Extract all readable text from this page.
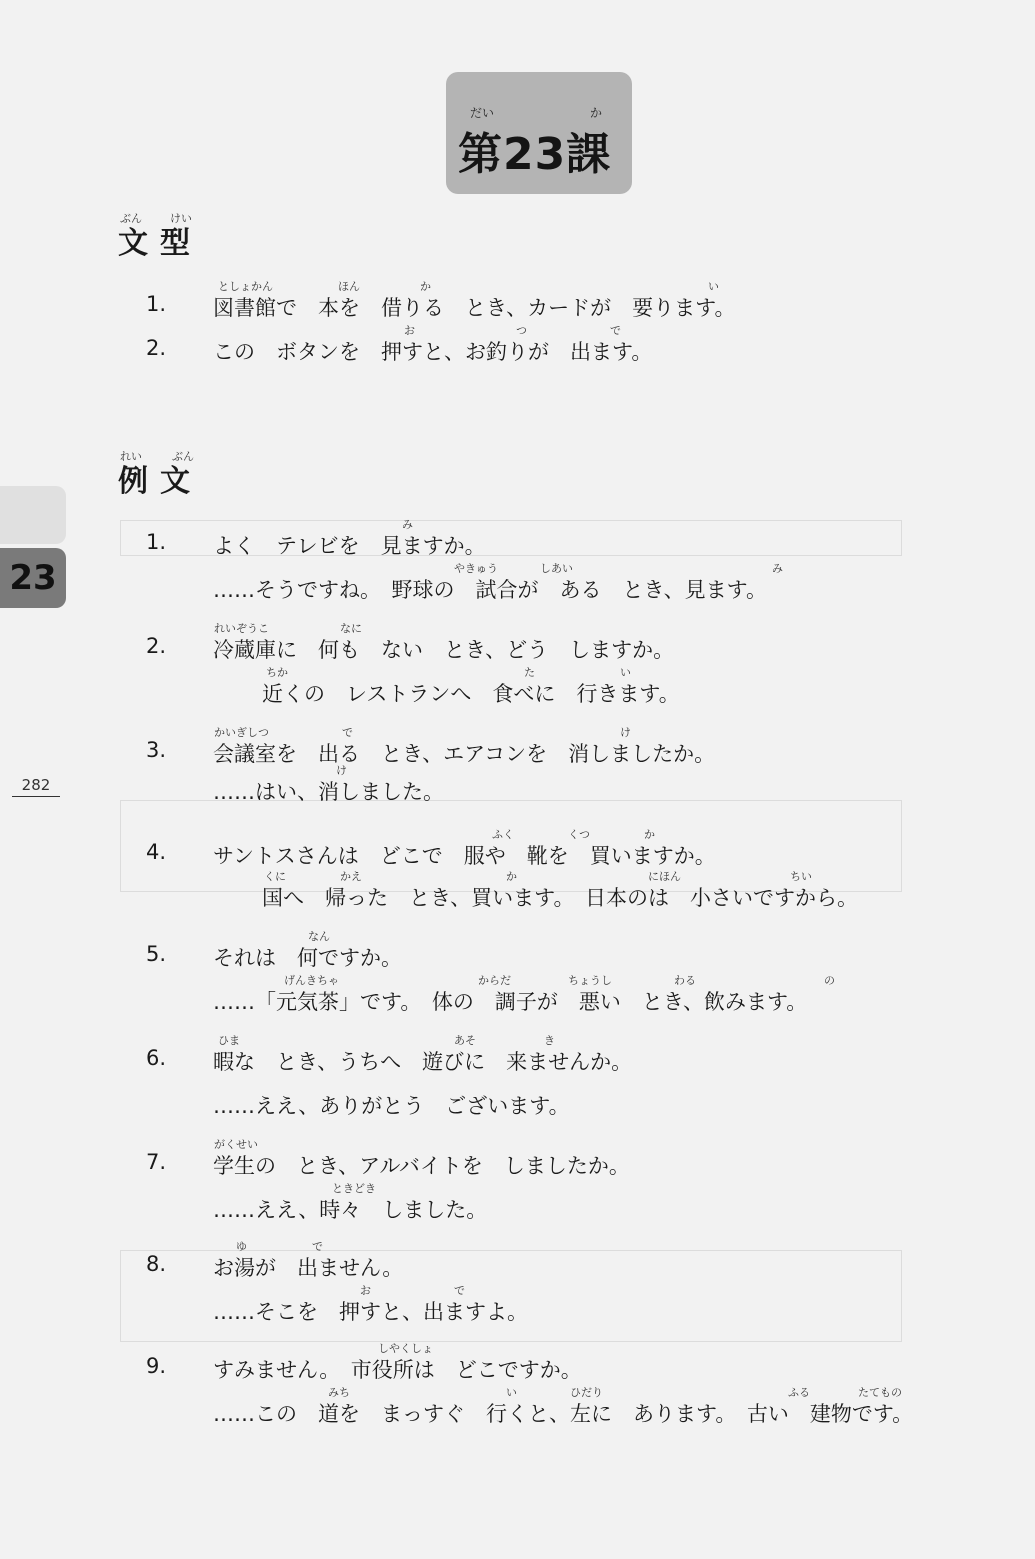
だい	か
第23課
23
282
ぶん	けい
文型
1.
としょかん	ほん	か	い
図書館で　本を　借りる　とき、カードが　要ります。
2.
お	つ	で
この　ボタンを　押すと、お釣りが　出ます。
れい	ぶん
例文
1.
み
よく　テレビを　見ますか。
やきゅう	しあい	み
……そうですね。　野球の　試合が　ある　とき、見ます。
2.
れいぞうこ	なに
冷蔵庫に　何も　ない　とき、どう　しますか。
ちか	た	い
近くの　レストランへ　食べに　行きます。
3.
かいぎしつ	で	け
会議室を　出る　とき、エアコンを　消しましたか。
け
……はい、消しました。
4.
ふく	くつ	か
サントスさんは　どこで　服や　靴を　買いますか。
くに	かえ	か	にほん	ちい
国へ　帰った　とき、買います。　日本のは　小さいですから。
5.
なん
それは　何ですか。
げんきちゃ	からだ	ちょうし	わる	の
……「元気茶」です。　体の　調子が　悪い　とき、飲みます。
6.
ひま	あそ	き
暇な　とき、うちへ　遊びに　来ませんか。
……ええ、ありがとう　ございます。
7.
がくせい
学生の　とき、アルバイトを　しましたか。
ときどき
……ええ、時々　しました。
8.
ゆ	で
お湯が　出ません。
お	で
……そこを　押すと、出ますよ。
9.
しやくしょ
すみません。　市役所は　どこですか。
みち	い	ひだり	ふる	たてもの
……この　道を　まっすぐ　行くと、左に　あります。　古い　建物です。
